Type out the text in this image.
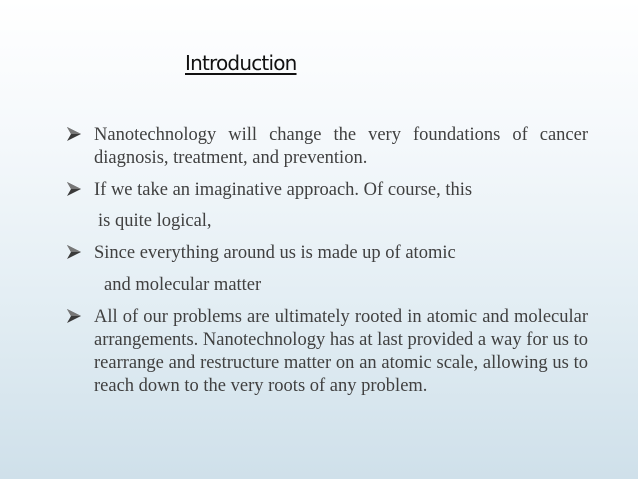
Introduction
Nanotechnology will change the very foundations of cancer diagnosis, treatment, and prevention.
If we take an imaginative approach. Of course, this
is quite logical,
Since everything around us is made up of atomic
and molecular matter
All of our problems are ultimately rooted in atomic and molecular arrangements. Nanotechnology has at last provided a way for us to rearrange and restructure matter on an atomic scale, allowing us to reach down to the very roots of any problem.
